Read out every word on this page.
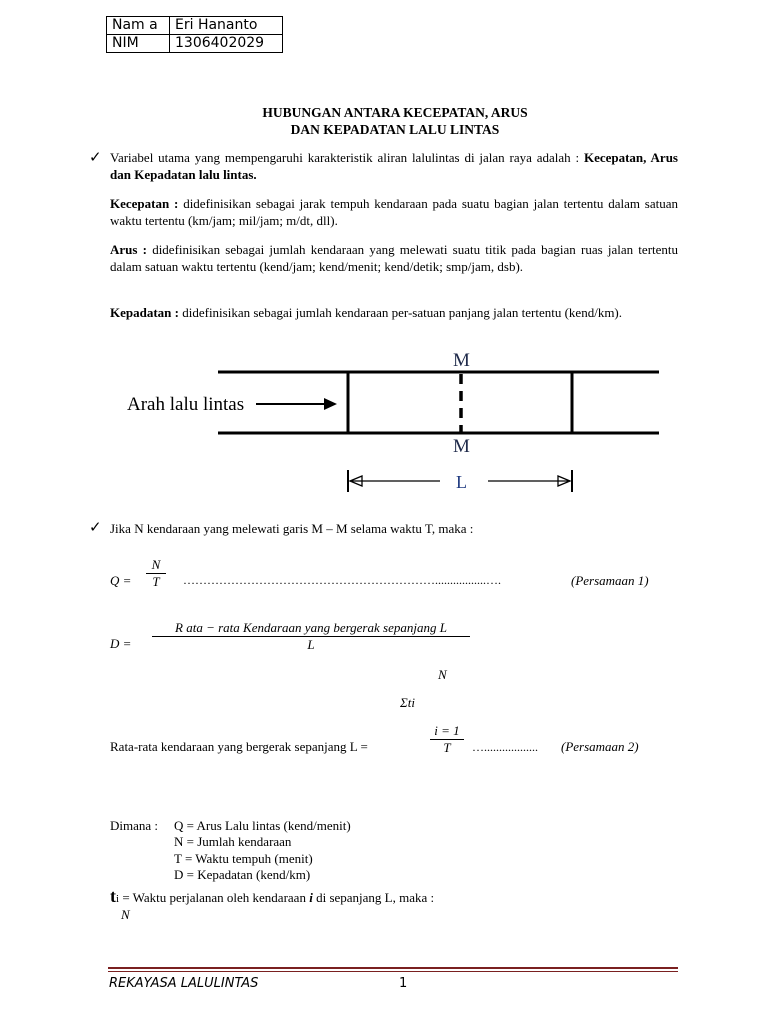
Nam a	Eri Hananto
NIM	1306402029
HUBUNGAN ANTARA KECEPATAN, ARUS
DAN KEPADATAN LALU LINTAS
✓ Variabel utama yang mempengaruhi karakteristik aliran lalulintas di jalan raya adalah : Kecepatan, Arus dan Kepadatan lalu lintas.
Kecepatan : didefinisikan sebagai jarak tempuh kendaraan pada suatu bagian jalan tertentu dalam satuan waktu tertentu (km/jam; mil/jam; m/dt, dll).
Arus : didefinisikan sebagai jumlah kendaraan yang melewati suatu titik pada bagian ruas jalan tertentu dalam satuan waktu tertentu (kend/jam; kend/menit; kend/detik; smp/jam, dsb).
Kepadatan : didefinisikan sebagai jumlah kendaraan per-satuan panjang jalan tertentu (kend/km).
Arah lalu lintas
M
M
L
✓ Jika N kendaraan yang melewati garis M – M selama waktu T, maka :
$Q = \frac{N}{T}$ ……………………………………………………….................….	(Persamaan 1)
D =
R ata − rata Kendaraan yang bergerak sepanjang L
L
N
Σti
Rata-rata kendaraan yang bergerak sepanjang L =	$\frac{i = 1}{T}$ ….................. (Persamaan 2)
Dimana : Q = Arus Lalu lintas (kend/menit)
N = Jumlah kendaraan
T = Waktu tempuh (menit)
D = Kepadatan (kend/km)
ti = Waktu perjalanan oleh kendaraan i di sepanjang L, maka :
N
REKAYASA LALULINTAS	1
